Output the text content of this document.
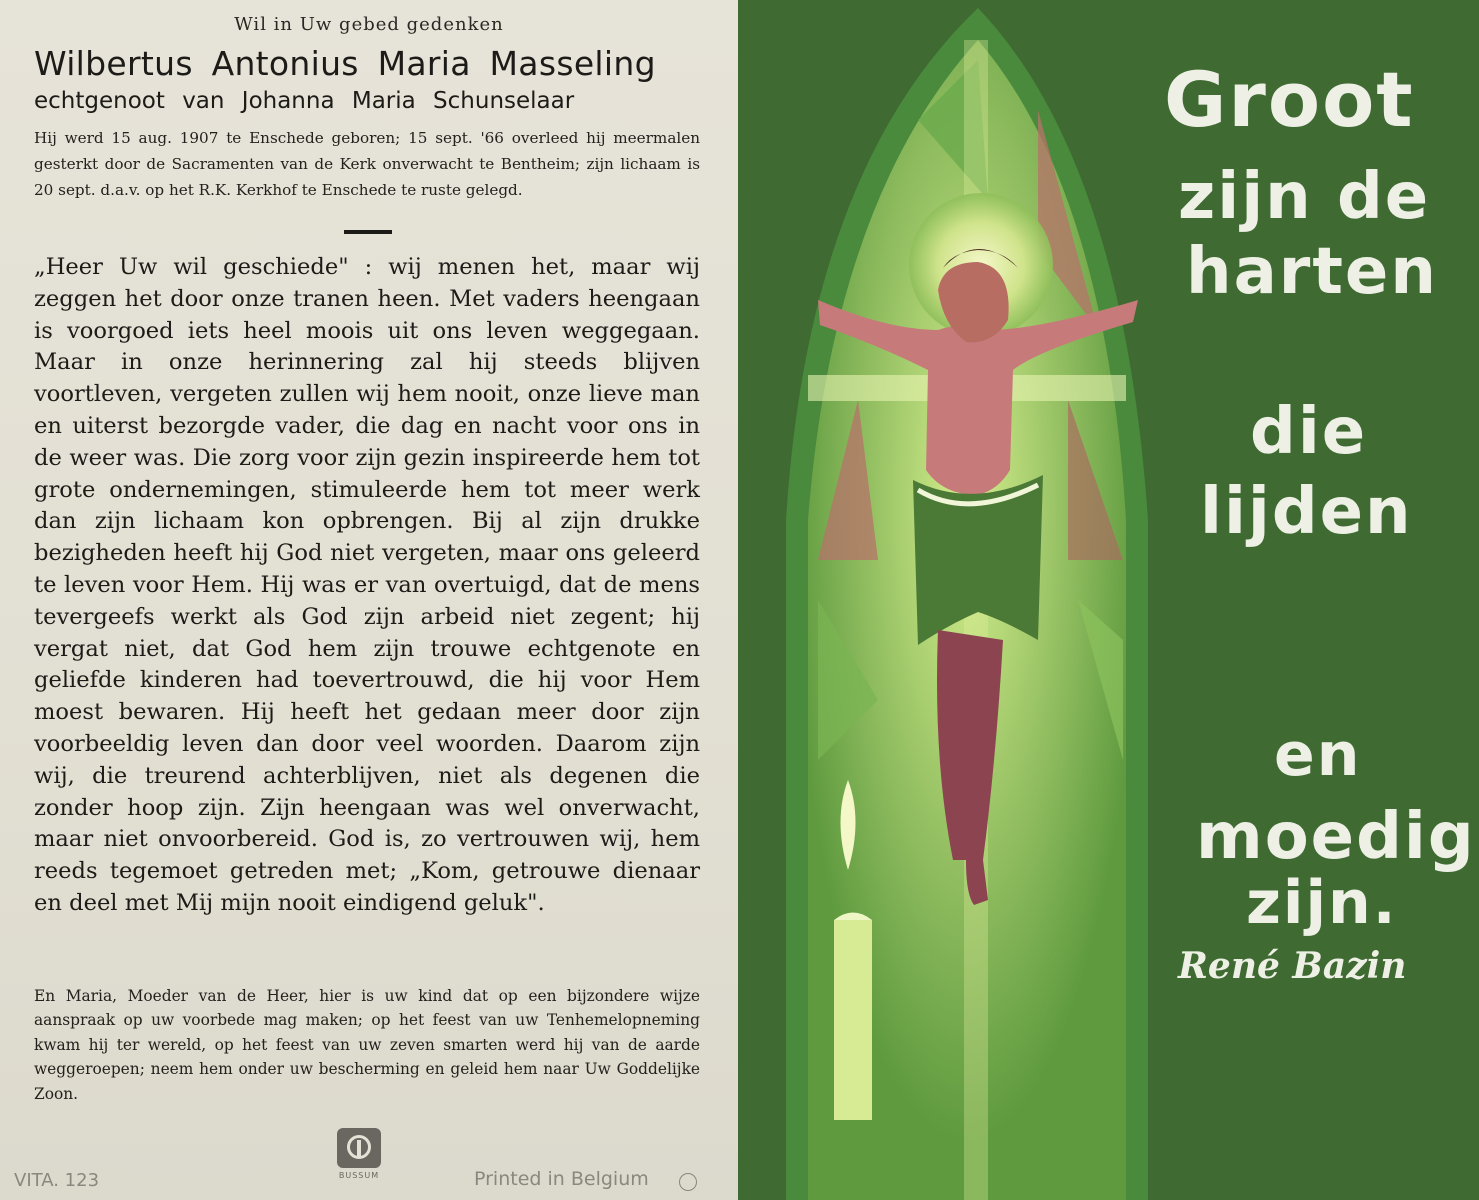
Wil in Uw gebed gedenken
Wilbertus Antonius Maria Masseling
echtgenoot van Johanna Maria Schunselaar

Hij werd 15 aug. 1907 te Enschede geboren; 15 sept. '66 overleed hij meermalen gesterkt door de Sacramenten van de Kerk onverwacht te Bentheim; zijn lichaam is 20 sept. d.a.v. op het R.K. Kerkhof te Enschede te ruste gelegd.

„Heer Uw wil geschiede" : wij menen het, maar wij zeggen het door onze tranen heen. Met vaders heengaan is voorgoed iets heel moois uit ons leven weggegaan. Maar in onze herinnering zal hij steeds blijven voortleven, vergeten zullen wij hem nooit, onze lieve man en uiterst bezorgde vader, die dag en nacht voor ons in de weer was. Die zorg voor zijn gezin inspireerde hem tot grote ondernemingen, stimuleerde hem tot meer werk dan zijn lichaam kon opbrengen. Bij al zijn drukke bezigheden heeft hij God niet vergeten, maar ons geleerd te leven voor Hem. Hij was er van overtuigd, dat de mens tevergeefs werkt als God zijn arbeid niet zegent; hij vergat niet, dat God hem zijn trouwe echtgenote en geliefde kinderen had toevertrouwd, die hij voor Hem moest bewaren. Hij heeft het gedaan meer door zijn voorbeeldig leven dan door veel woorden. Daarom zijn wij, die treurend achterblijven, niet als degenen die zonder hoop zijn. Zijn heengaan was wel onverwacht, maar niet onvoorbereid. God is, zo vertrouwen wij, hem reeds tegemoet getreden met; „Kom, getrouwe dienaar en deel met Mij mijn nooit eindigend geluk".

En Maria, Moeder van de Heer, hier is uw kind dat op een bijzondere wijze aanspraak op uw voorbede mag maken; op het feest van uw Tenhemelopneming kwam hij ter wereld, op het feest van uw zeven smarten werd hij van de aarde weggeroepen; neem hem onder uw bescherming en geleid hem naar Uw Goddelijke Zoon.

VITA. 123	BUSSUM	Printed in Belgium
Groot
zijn de
harten
die
lijden
en
moedig
zijn.
René Bazin
